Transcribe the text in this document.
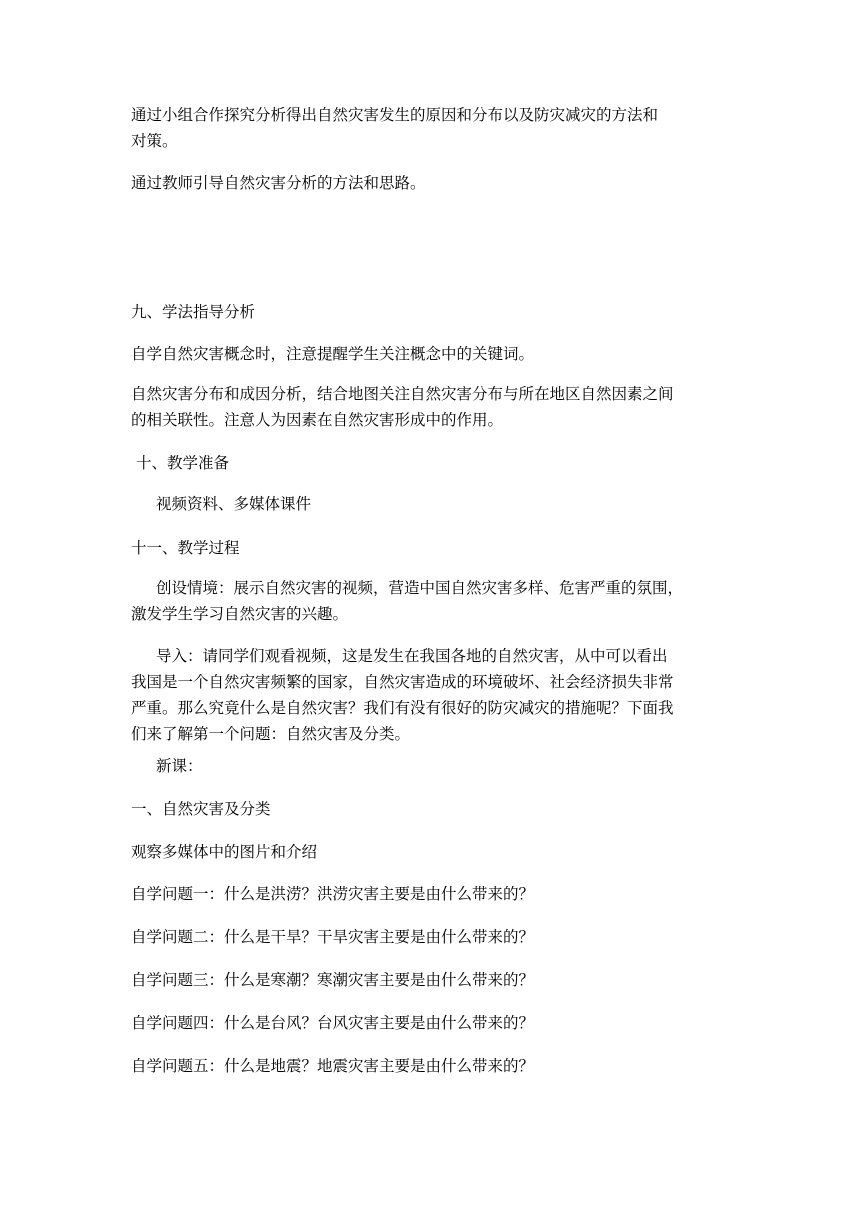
通过小组合作探究分析得出自然灾害发生的原因和分布以及防灾减灾的方法和
对策。

通过教师引导自然灾害分析的方法和思路。

九、学法指导分析

自学自然灾害概念时，注意提醒学生关注概念中的关键词。

自然灾害分布和成因分析，结合地图关注自然灾害分布与所在地区自然因素之间
的相关联性。注意人为因素在自然灾害形成中的作用。

十、教学准备

视频资料、多媒体课件

十一、教学过程

创设情境：展示自然灾害的视频，营造中国自然灾害多样、危害严重的氛围，
激发学生学习自然灾害的兴趣。

导入：请同学们观看视频，这是发生在我国各地的自然灾害，从中可以看出
我国是一个自然灾害频繁的国家，自然灾害造成的环境破坏、社会经济损失非常
严重。那么究竟什么是自然灾害？我们有没有很好的防灾减灾的措施呢？下面我
们来了解第一个问题：自然灾害及分类。

新课：

一、自然灾害及分类

观察多媒体中的图片和介绍

自学问题一：什么是洪涝？洪涝灾害主要是由什么带来的？

自学问题二：什么是干旱？干旱灾害主要是由什么带来的？

自学问题三：什么是寒潮？寒潮灾害主要是由什么带来的？

自学问题四：什么是台风？台风灾害主要是由什么带来的？

自学问题五：什么是地震？地震灾害主要是由什么带来的？
